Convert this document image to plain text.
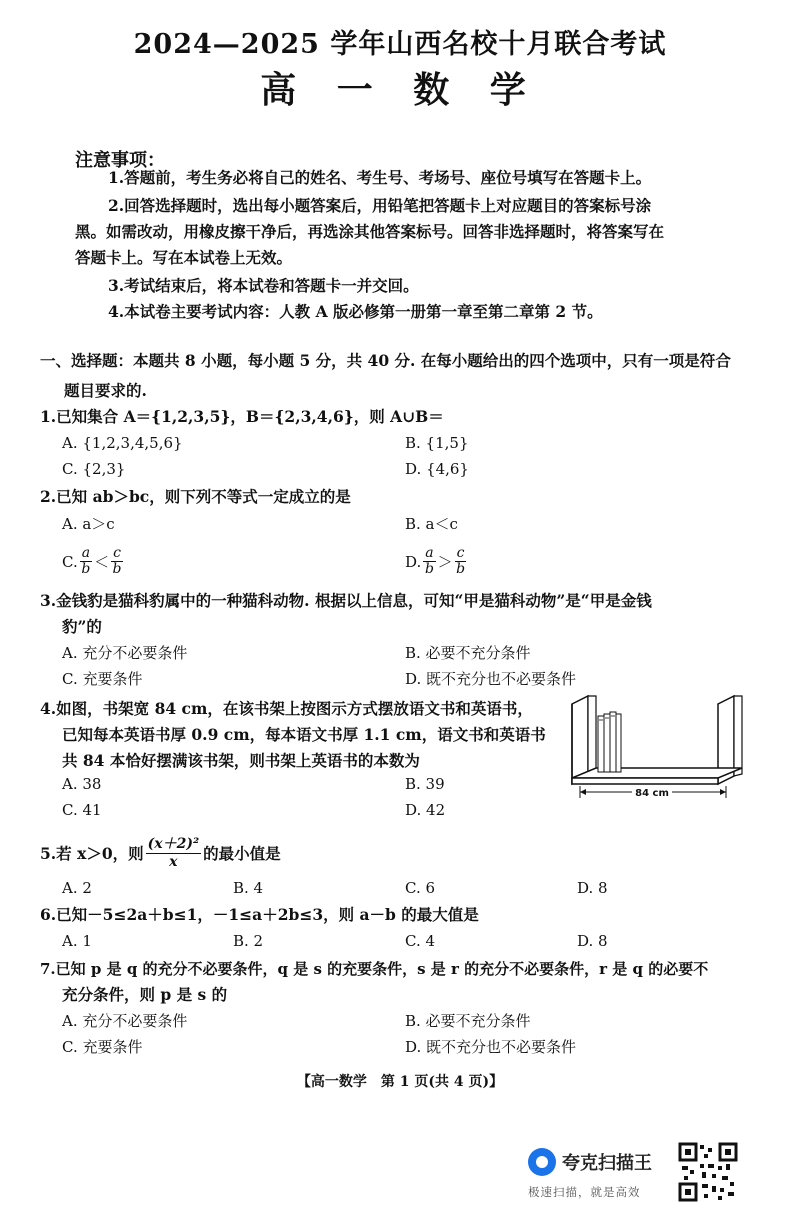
2024—2025 学年山西名校十月联合考试
高 一 数 学
注意事项：
1.答题前，考生务必将自己的姓名、考生号、考场号、座位号填写在答题卡上。
2.回答选择题时，选出每小题答案后，用铅笔把答题卡上对应题目的答案标号涂
黑。如需改动，用橡皮擦干净后，再选涂其他答案标号。回答非选择题时，将答案写在
答题卡上。写在本试卷上无效。
3.考试结束后，将本试卷和答题卡一并交回。
4.本试卷主要考试内容：人教 A 版必修第一册第一章至第二章第 2 节。
一、选择题：本题共 8 小题，每小题 5 分，共 40 分. 在每小题给出的四个选项中，只有一项是符合
题目要求的.
1.已知集合 A＝{1,2,3,5}，B＝{2,3,4,6}，则 A∪B＝
A. {1,2,3,4,5,6}	B. {1,5}
C. {2,3}	D. {4,6}
2.已知 ab＞bc，则下列不等式一定成立的是
A. a＞c	B. a＜c
C. $\frac{a}{b} < \frac{c}{b}$	D. $\frac{a}{b} > \frac{c}{b}$
3.金钱豹是猫科豹属中的一种猫科动物. 根据以上信息，可知“甲是猫科动物”是“甲是金钱
豹”的
A. 充分不必要条件	B. 必要不充分条件
C. 充要条件	D. 既不充分也不必要条件
4.如图，书架宽 84 cm，在该书架上按图示方式摆放语文书和英语书，
已知每本英语书厚 0.9 cm，每本语文书厚 1.1 cm，语文书和英语书
共 84 本恰好摆满该书架，则书架上英语书的本数为
A. 38	B. 39
C. 41	D. 42
84 cm
5.若 x＞0，则 $\frac{\text{(x＋2)²}}{x}$ 的最小值是
A. 2	B. 4	C. 6	D. 8
6.已知－5≤2a＋b≤1，－1≤a＋2b≤3，则 a－b 的最大值是
A. 1	B. 2	C. 4	D. 8
7.已知 p 是 q 的充分不必要条件，q 是 s 的充要条件，s 是 r 的充分不必要条件，r 是 q 的必要不
充分条件，则 p 是 s 的
A. 充分不必要条件	B. 必要不充分条件
C. 充要条件	D. 既不充分也不必要条件
【高一数学　第 1 页(共 4 页)】
夸克扫描王
极速扫描，就是高效
